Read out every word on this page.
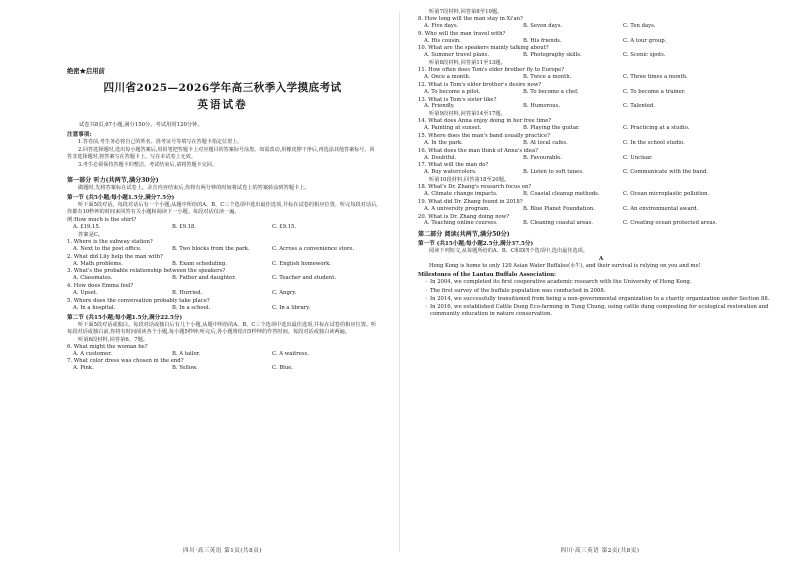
绝密★启用前

四川省2025—2026学年高三秋季入学摸底考试

英语试卷

试卷共8页,67小题,满分150分。考试用时120分钟。

注意事项:

1.答卷前,考生务必将自己的姓名、准考证号等填写在答题卡指定位置上。

2.回答选择题时,选出每小题答案后,用铅笔把答题卡上对应题目的答案标号涂黑。如需改动,用橡皮擦干净后,再选涂其他答案标号。回答非选择题时,将答案写在答题卡上。写在本试卷上无效。

3.考生必须保持答题卡的整洁。考试结束后,请将答题卡交回。

第一部分 听力(共两节,满分30分)

做题时,先将答案标在试卷上。录音内容结束后,你将有两分钟的时间将试卷上的答案转涂到答题卡上。

第一节 (共5小题;每小题1.5分,满分7.5分)

听下面5段对话。每段对话后有一个小题,从题中所给的A、B、C三个选项中选出最佳选项,并标在试卷的相应位置。听完每段对话后,你都有10秒钟的时间来回答有关小题和阅读下一小题。每段对话仅读一遍。

例:How much is the shirt?

A. £19.15.	B. £9.18.	C. £9.15.

答案是C。

1. Where is the subway station?

A. Next to the post office.	B. Two blocks from the park.	C. Across a convenience store.

2. What did Lily help the man with?

A. Math problems.	B. Exam scheduling.	C. English homework.

3. What's the probable relationship between the speakers?

A. Classmates.	B. Father and daughter.	C. Teacher and student.

4. How does Emma feel?

A. Upset.	B. Hurried.	C. Angry.

5. Where does the conversation probably take place?

A. In a hospital.	B. In a school.	C. In a library.

第二节 (共15小题;每小题1.5分,满分22.5分)

听下面5段对话或独白。每段对话或独白后有几个小题,从题中所给的A、B、C三个选项中选出最佳选项,并标在试卷的相应位置。听每段对话或独白前,你将有时间阅读各个小题,每小题5秒钟;听完后,各小题将给出5秒钟的作答时间。每段对话或独白读两遍。

听第6段材料,回答第6、7题。

6. What might the woman be?

A. A customer.	B. A tailor.	C. A waitress.

7. What color dress was chosen in the end?

A. Pink.	B. Yellow.	C. Blue.
四川·高三英语 第1页(共8页)

听第7段材料,回答第8至10题。

8. How long will the man stay in Xi'an?

A. Five days.	B. Seven days.	C. Ten days.

9. Who will the man travel with?

A. His cousin.	B. His friends.	C. A tour group.

10. What are the speakers mainly talking about?

A. Summer travel plans.	B. Photography skills.	C. Scenic spots.

听第8段材料,回答第11至13题。

11. How often does Tom's elder brother fly to Europe?

A. Once a month.	B. Twice a month.	C. Three times a month.

12. What is Tom's elder brother's desire now?

A. To become a pilot.	B. To become a chef.	C. To become a trainer.

13. What is Tom's sister like?

A. Friendly.	B. Humorous.	C. Talented.

听第9段材料,回答第14至17题。

14. What does Anna enjoy doing in her free time?

A. Painting at sunset.	B. Playing the guitar.	C. Practicing at a studio.

15. Where does the man's band usually practice?

A. In the park.	B. At local cafes.	C. In the school studio.

16. What does the man think of Anna's idea?

A. Doubtful.	B. Favourable.	C. Unclear.

17. What will the man do?

A. Buy watercolors.	B. Listen to soft tunes.	C. Communicate with the band.

听第10段材料,回答第18至20题。

18. What's Dr. Zhang's research focus on?

A. Climate change impacts.	B. Coastal cleanup methods.	C. Ocean microplastic pollution.

19. What did Dr. Zhang found in 2018?

A. A university program.	B. Blue Planet Foundation.	C. An environmental award.

20. What is Dr. Zhang doing now?

A. Teaching online courses.	B. Cleaning coastal areas.	C. Creating ocean protected areas.

第二部分 阅读(共两节,满分50分)

第一节 (共15小题;每小题2.5分,满分37.5分)

阅读下列短文,从每题所给的A、B、C和D四个选项中,选出最佳选项。

A

Hong Kong is home to only 120 Asian Water Buffalos(水牛), and their survival is relying on you and me!

Milestones of the Lantau Buffalo Association:

· In 2004, we completed its first cooperative academic research with the University of Hong Kong.
· The first survey of the buffalo population was conducted in 2008.
· In 2014, we successfully transitioned from being a non-governmental organization to a charity organization under Section 88.
· In 2016, we established Cattle Dung Eco-farming in Tung Chung, using cattle dung composting for ecological restoration and community education in nature conservation.
四川·高三英语 第2页(共8页)
